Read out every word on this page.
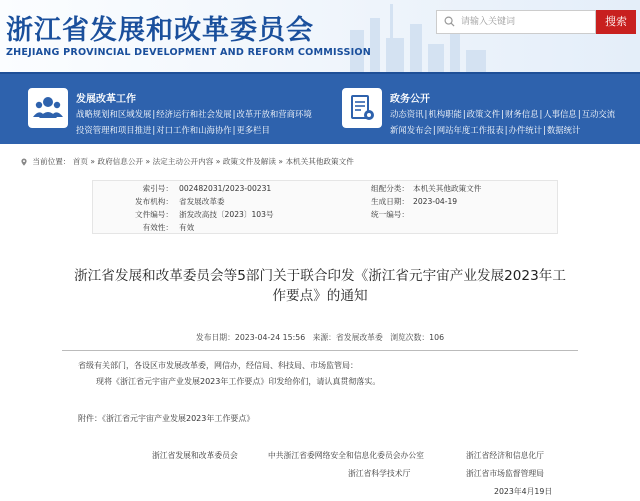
浙江省发展和改革委员会
ZHEJIANG PROVINCIAL DEVELOPMENT AND REFORM COMMISSION
请输入关键词	搜索
发展改革工作
战略规划和区域发展|经济运行和社会发展|改革开放和营商环境
投资管理和项目推进|对口工作和山海协作|更多栏目
政务公开
动态资讯|机构职能|政策文件|财务信息|人事信息|互动交流
新闻发布会|网站年度工作报表|办件统计|数据统计
当前位置： 首页 » 政府信息公开 » 法定主动公开内容 » 政策文件及解读 » 本机关其他政策文件
索引号： 002482031/2023-00231	组配分类： 本机关其他政策文件
发布机构： 省发展改革委	生成日期： 2023-04-19
文件编号： 浙发改高技〔2023〕103号	统一编号：
有效性： 有效
浙江省发展和改革委员会等5部门关于联合印发《浙江省元宇宙产业发展2023年工
作要点》的通知
发布日期：2023-04-24 15:56 来源：省发展改革委 浏览次数：106
省级有关部门，各设区市发展改革委，网信办，经信局、科技局、市场监管局：
现将《浙江省元宇宙产业发展2023年工作要点》印发给你们，请认真贯彻落实。
附件：《浙江省元宇宙产业发展2023年工作要点》
浙江省发展和改革委员会	中共浙江省委网络安全和信息化委员会办公室	浙江省经济和信息化厅
浙江省科学技术厅	浙江省市场监督管理局
2023年4月19日
